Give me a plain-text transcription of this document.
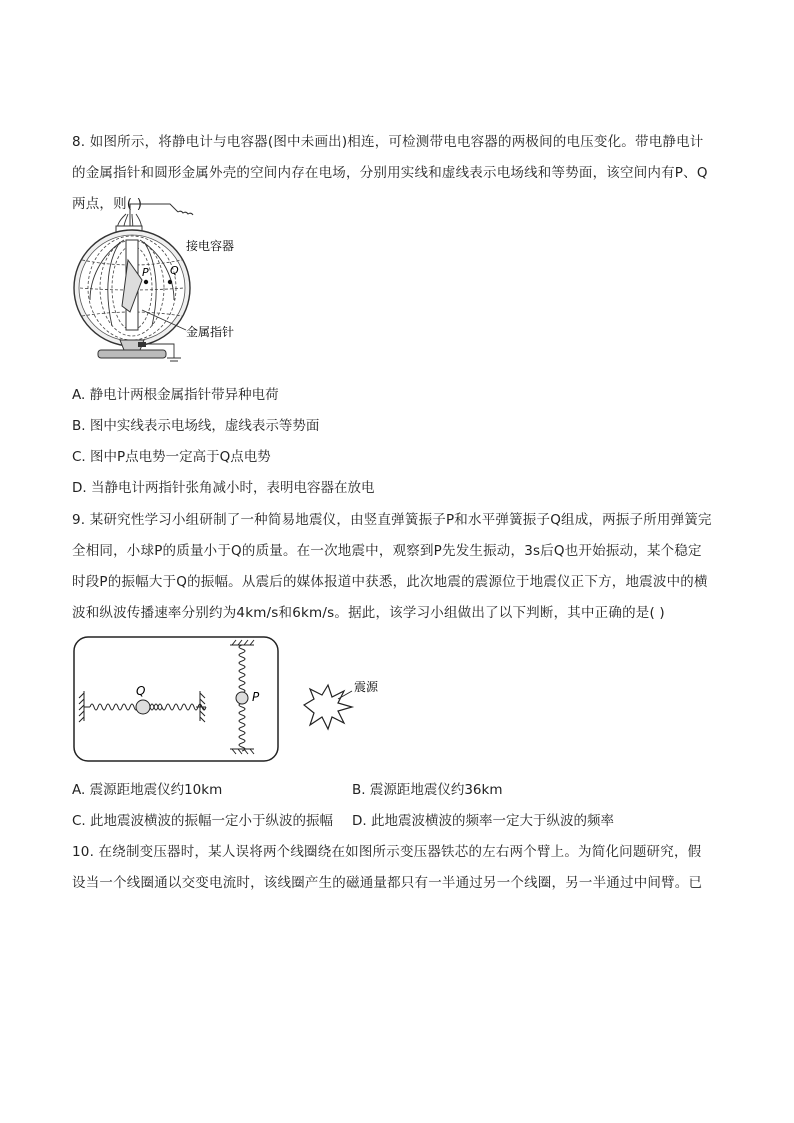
8. 如图所示，将静电计与电容器(图中未画出)相连，可检测带电电容器的两极间的电压变化。带电静电计
的金属指针和圆形金属外壳的空间内存在电场，分别用实线和虚线表示电场线和等势面，该空间内有P、Q
两点，则( )
P Q
接电容器
金属指针
A. 静电计两根金属指针带异种电荷
B. 图中实线表示电场线，虚线表示等势面
C. 图中P点电势一定高于Q点电势
D. 当静电计两指针张角减小时，表明电容器在放电
9. 某研究性学习小组研制了一种简易地震仪，由竖直弹簧振子P和水平弹簧振子Q组成，两振子所用弹簧完
全相同，小球P的质量小于Q的质量。在一次地震中，观察到P先发生振动，3s后Q也开始振动，某个稳定
时段P的振幅大于Q的振幅。从震后的媒体报道中获悉，此次地震的震源位于地震仪正下方，地震波中的横
波和纵波传播速率分别约为4km/s和6km/s。据此，该学习小组做出了以下判断，其中正确的是( )
Q	P
震源
A. 震源距地震仪约10km	B. 震源距地震仪约36km
C. 此地震波横波的振幅一定小于纵波的振幅 D. 此地震波横波的频率一定大于纵波的频率
10. 在绕制变压器时，某人误将两个线圈绕在如图所示变压器铁芯的左右两个臂上。为简化问题研究，假
设当一个线圈通以交变电流时，该线圈产生的磁通量都只有一半通过另一个线圈，另一半通过中间臂。已
